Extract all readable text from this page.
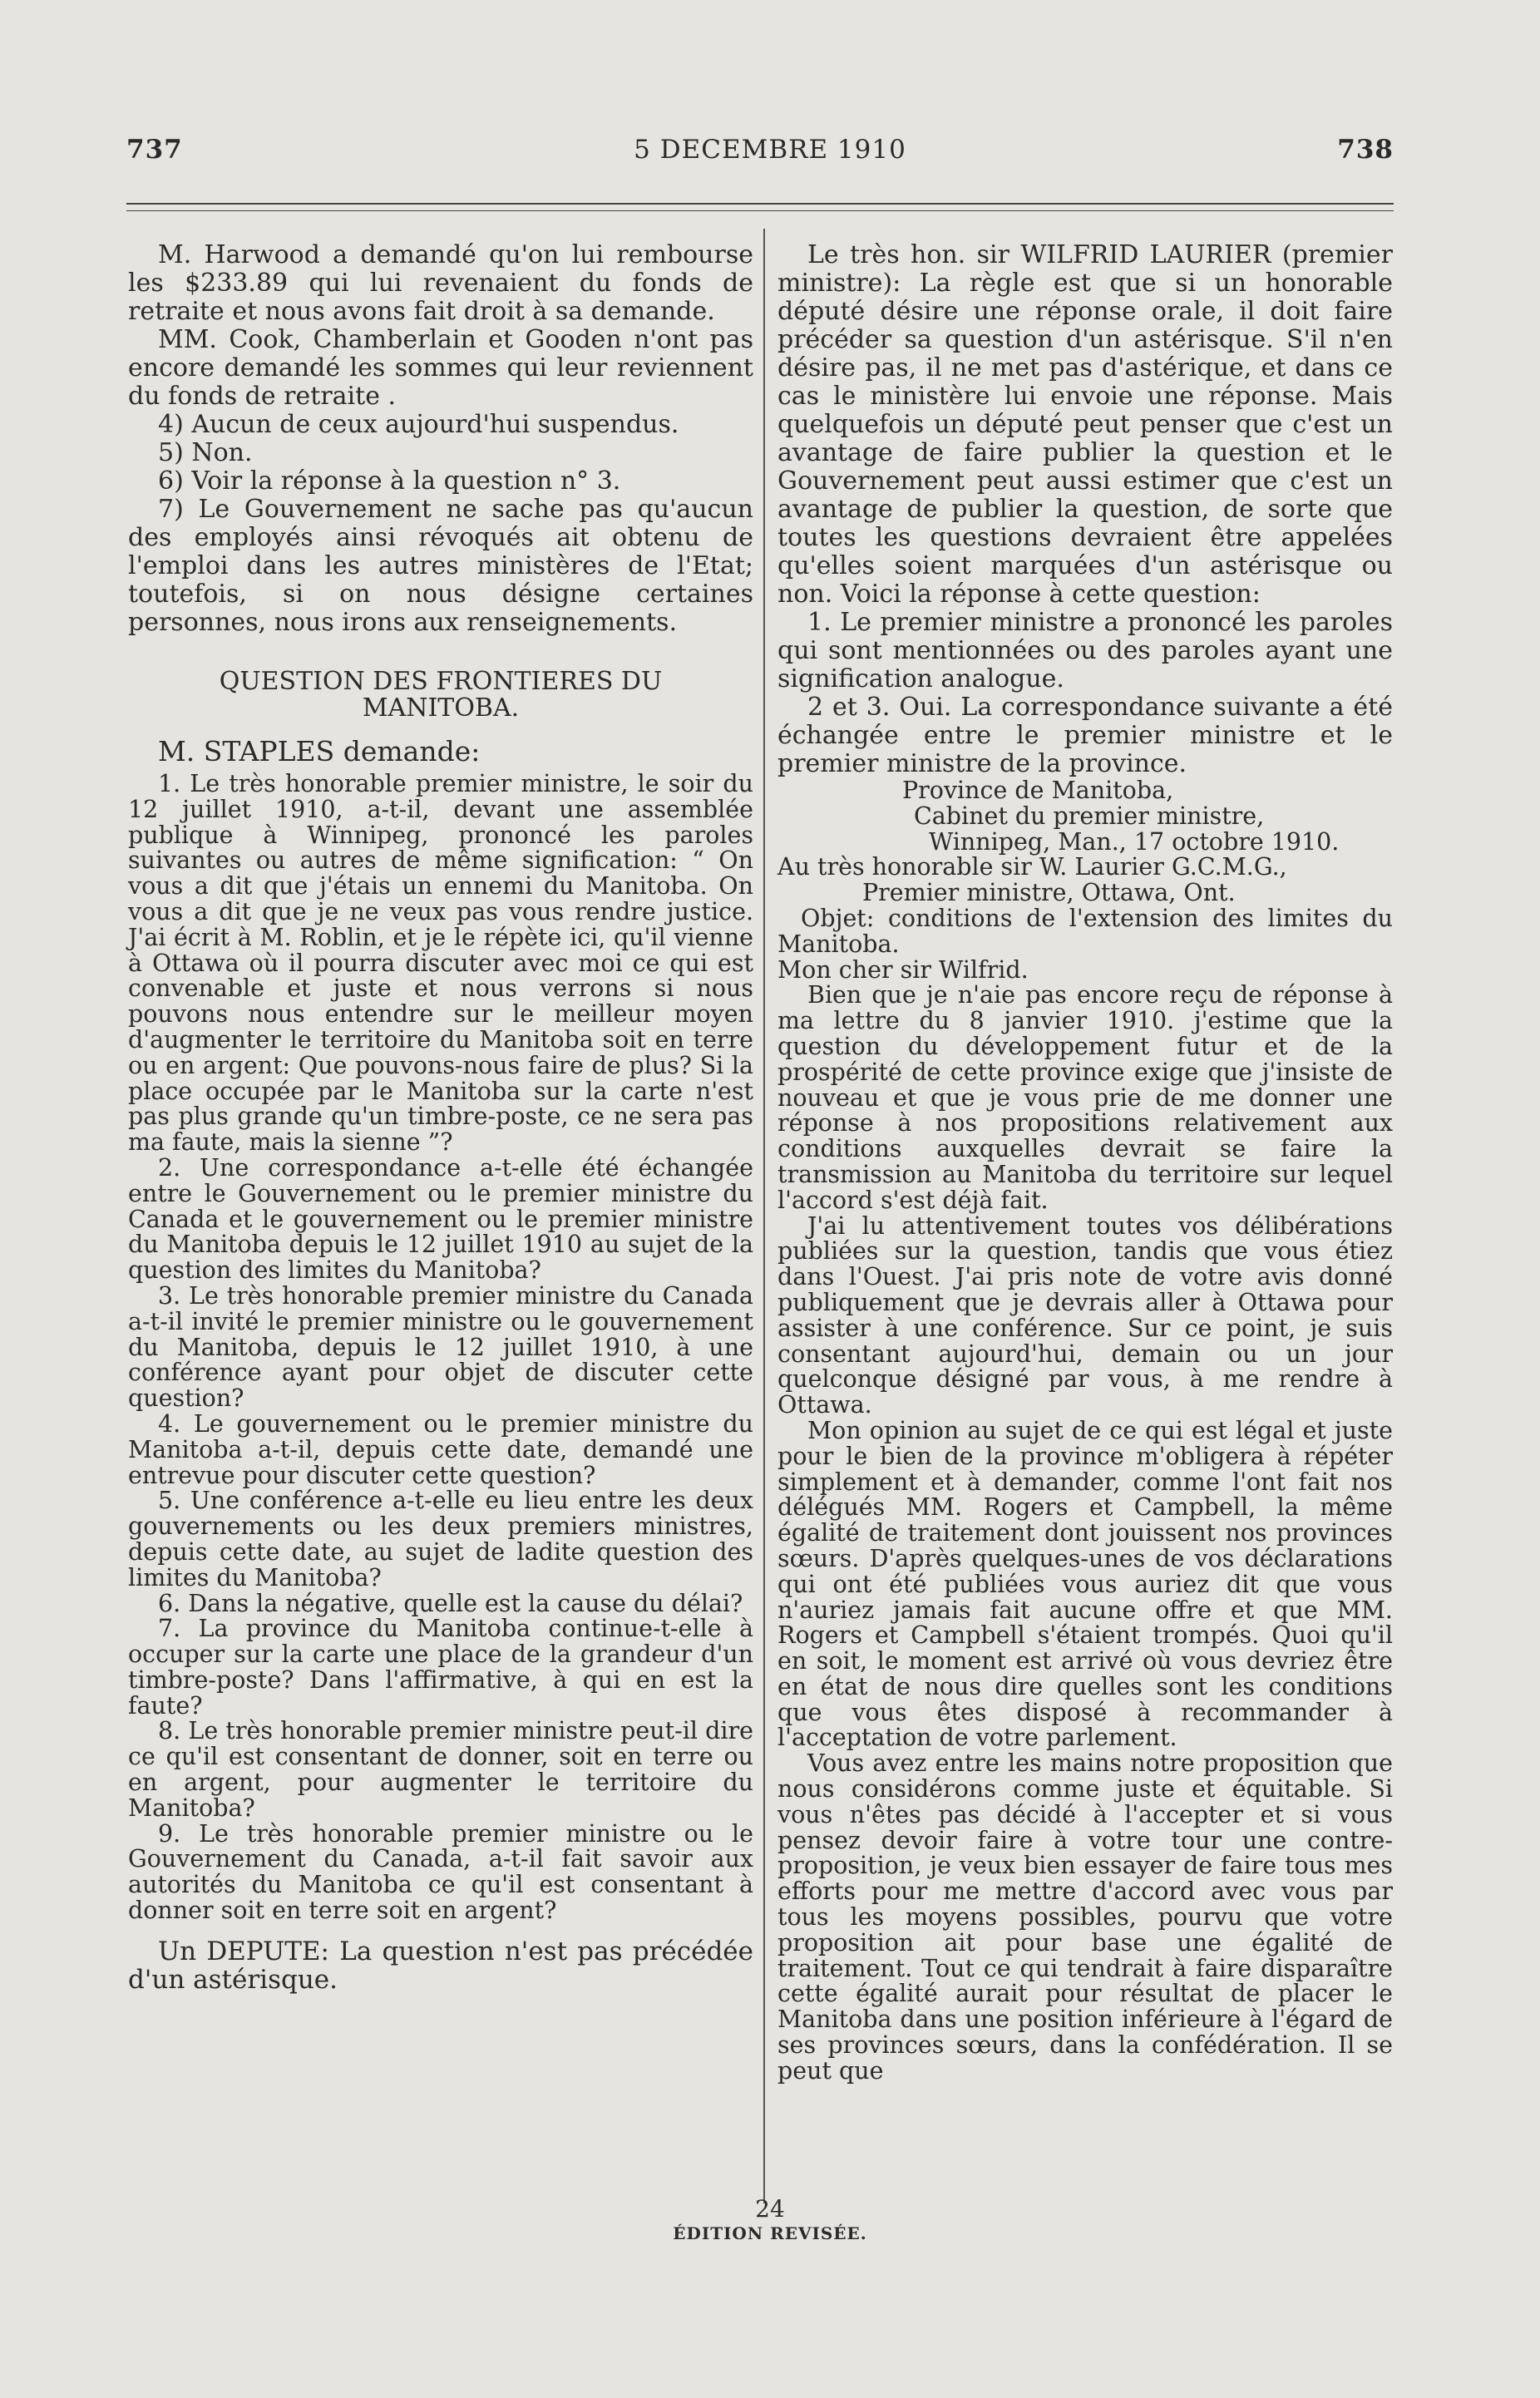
737	5 DECEMBRE 1910	738

M. Harwood a demandé qu'on lui rembourse les $233.89 qui lui revenaient du fonds de retraite et nous avons fait droit à sa demande.

MM. Cook, Chamberlain et Gooden n'ont pas encore demandé les sommes qui leur reviennent du fonds de retraite .

4) Aucun de ceux aujourd'hui suspendus.

5) Non.

6) Voir la réponse à la question n° 3.

7) Le Gouvernement ne sache pas qu'aucun des employés ainsi révoqués ait obtenu de l'emploi dans les autres ministères de l'Etat; toutefois, si on nous désigne certaines personnes, nous irons aux renseignements.

QUESTION DES FRONTIERES DU MANITOBA.

M. STAPLES demande:

1. Le très honorable premier ministre, le soir du 12 juillet 1910, a-t-il, devant une assemblée publique à Winnipeg, prononcé les paroles suivantes ou autres de même signification: “ On vous a dit que j'étais un ennemi du Manitoba. On vous a dit que je ne veux pas vous rendre justice. J'ai écrit à M. Roblin, et je le répète ici, qu'il vienne à Ottawa où il pourra discuter avec moi ce qui est convenable et juste et nous verrons si nous pouvons nous entendre sur le meilleur moyen d'augmenter le territoire du Manitoba soit en terre ou en argent: Que pouvons-nous faire de plus? Si la place occupée par le Manitoba sur la carte n'est pas plus grande qu'un timbre-poste, ce ne sera pas ma faute, mais la sienne ”?

2. Une correspondance a-t-elle été échangée entre le Gouvernement ou le premier ministre du Canada et le gouvernement ou le premier ministre du Manitoba depuis le 12 juillet 1910 au sujet de la question des limites du Manitoba?

3. Le très honorable premier ministre du Canada a-t-il invité le premier ministre ou le gouvernement du Manitoba, depuis le 12 juillet 1910, à une conférence ayant pour objet de discuter cette question?

4. Le gouvernement ou le premier ministre du Manitoba a-t-il, depuis cette date, demandé une entrevue pour discuter cette question?

5. Une conférence a-t-elle eu lieu entre les deux gouvernements ou les deux premiers ministres, depuis cette date, au sujet de ladite question des limites du Manitoba?

6. Dans la négative, quelle est la cause du délai?

7. La province du Manitoba continue-t-elle à occuper sur la carte une place de la grandeur d'un timbre-poste? Dans l'affirmative, à qui en est la faute?

8. Le très honorable premier ministre peut-il dire ce qu'il est consentant de donner, soit en terre ou en argent, pour augmenter le territoire du Manitoba?

9. Le très honorable premier ministre ou le Gouvernement du Canada, a-t-il fait savoir aux autorités du Manitoba ce qu'il est consentant à donner soit en terre soit en argent?

Un DEPUTE: La question n'est pas précédée d'un astérisque.

Le très hon. sir WILFRID LAURIER (premier ministre): La règle est que si un honorable député désire une réponse orale, il doit faire précéder sa question d'un astérisque. S'il n'en désire pas, il ne met pas d'astérique, et dans ce cas le ministère lui envoie une réponse. Mais quelquefois un député peut penser que c'est un avantage de faire publier la question et le Gouvernement peut aussi estimer que c'est un avantage de publier la question, de sorte que toutes les questions devraient être appelées qu'elles soient marquées d'un astérisque ou non. Voici la réponse à cette question:

1. Le premier ministre a prononcé les paroles qui sont mentionnées ou des paroles ayant une signification analogue.

2 et 3. Oui. La correspondance suivante a été échangée entre le premier ministre et le premier ministre de la province.

Province de Manitoba,

Cabinet du premier ministre,

Winnipeg, Man., 17 octobre 1910.

Au très honorable sir W. Laurier G.C.M.G.,

Premier ministre, Ottawa, Ont.

Objet: conditions de l'extension des limites du Manitoba.

Mon cher sir Wilfrid.

Bien que je n'aie pas encore reçu de réponse à ma lettre du 8 janvier 1910. j'estime que la question du développement futur et de la prospérité de cette province exige que j'insiste de nouveau et que je vous prie de me donner une réponse à nos propositions relativement aux conditions auxquelles devrait se faire la transmission au Manitoba du territoire sur lequel l'accord s'est déjà fait.

J'ai lu attentivement toutes vos délibérations publiées sur la question, tandis que vous étiez dans l'Ouest. J'ai pris note de votre avis donné publiquement que je devrais aller à Ottawa pour assister à une conférence. Sur ce point, je suis consentant aujourd'hui, demain ou un jour quelconque désigné par vous, à me rendre à Ottawa.

Mon opinion au sujet de ce qui est légal et juste pour le bien de la province m'obligera à répéter simplement et à demander, comme l'ont fait nos délégués MM. Rogers et Campbell, la même égalité de traitement dont jouissent nos provinces sœurs. D'après quelques-unes de vos déclarations qui ont été publiées vous auriez dit que vous n'auriez jamais fait aucune offre et que MM. Rogers et Campbell s'étaient trompés. Quoi qu'il en soit, le moment est arrivé où vous devriez être en état de nous dire quelles sont les conditions que vous êtes disposé à recommander à l'acceptation de votre parlement.

Vous avez entre les mains notre proposition que nous considérons comme juste et équitable. Si vous n'êtes pas décidé à l'accepter et si vous pensez devoir faire à votre tour une contre-proposition, je veux bien essayer de faire tous mes efforts pour me mettre d'accord avec vous par tous les moyens possibles, pourvu que votre proposition ait pour base une égalité de traitement. Tout ce qui tendrait à faire disparaître cette égalité aurait pour résultat de placer le Manitoba dans une position inférieure à l'égard de ses provinces sœurs, dans la confédération. Il se peut que

24
ÉDITION REVISÉE.
